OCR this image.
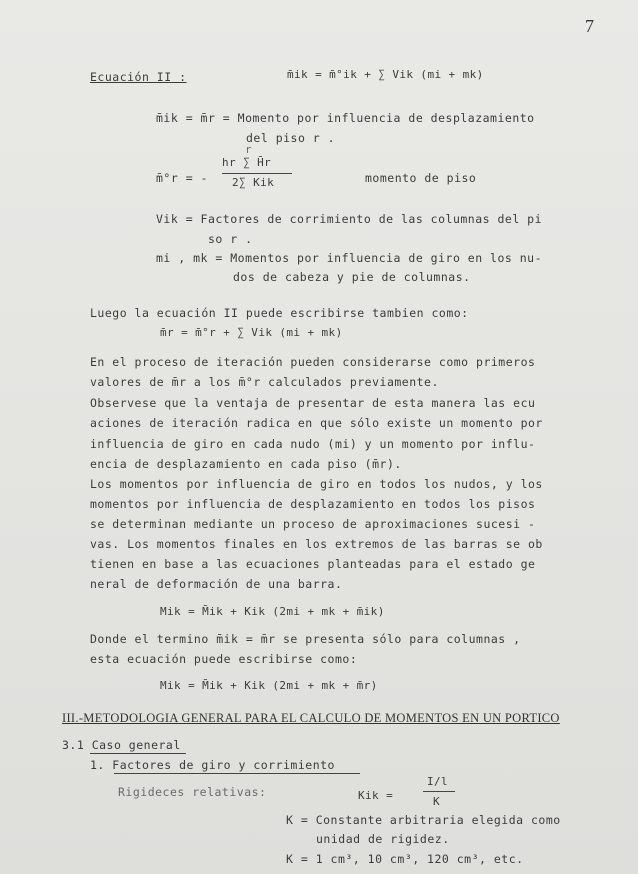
7
Ecuación II :	m̄ik = m̄°ik + ∑ Vik (mi + mk)
m̄ik = m̄r = Momento por influencia de desplazamiento
del piso r .
m̄°r = -
r
hr ∑ H̄r
2∑ Kik	momento de piso
Vik = Factores de corrimiento de las columnas del pi
so r .
mi , mk = Momentos por influencia de giro en los nu-
dos de cabeza y pie de columnas.
Luego la ecuación II puede escribirse tambien como:
m̄r = m̄°r + ∑ Vik (mi + mk)
En el proceso de iteración pueden considerarse como primeros
valores de m̄r a los m̄°r calculados previamente.
Observese que la ventaja de presentar de esta manera las ecu
aciones de iteración radica en que sólo existe un momento por
influencia de giro en cada nudo (mi) y un momento por influ-
encia de desplazamiento en cada piso (m̄r).
Los momentos por influencia de giro en todos los nudos, y los
momentos por influencia de desplazamiento en todos los pisos
se determinan mediante un proceso de aproximaciones sucesi -
vas. Los momentos finales en los extremos de las barras se ob
tienen en base a las ecuaciones planteadas para el estado ge
neral de deformación de una barra.
Mik = M̄ik + Kik (2mi + mk + m̄ik)
Donde el termino m̄ik = m̄r se presenta sólo para columnas ,
esta ecuación puede escribirse como:
Mik = M̄ik + Kik (2mi + mk + m̄r)
III.-METODOLOGIA GENERAL PARA EL CALCULO DE MOMENTOS EN UN PORTICO
3.1 Caso general
1. Factores de giro y corrimiento
Rigideces relativas:	Kik =
I/l
K
K = Constante arbitraria elegida como
unidad de rigidez.
K = 1 cm³, 10 cm³, 120 cm³, etc.
